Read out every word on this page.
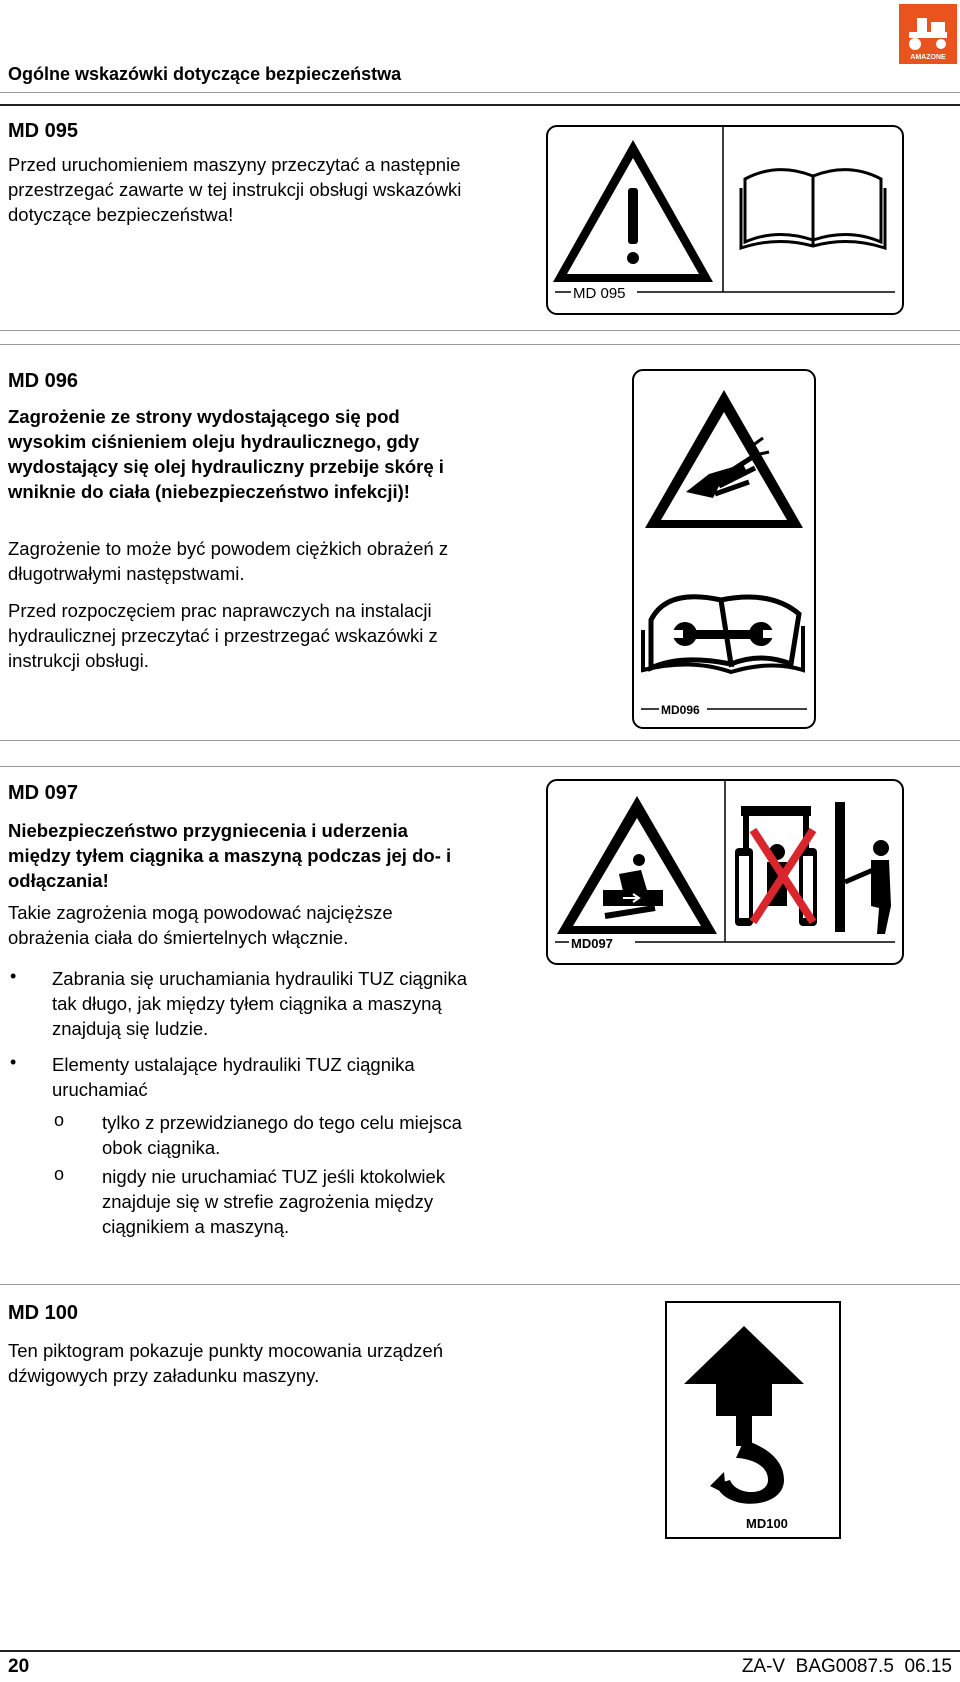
Ogólne wskazówki dotyczące bezpieczeństwa
AMAZONE
MD 095

Przed uruchomieniem maszyny przeczytać a następnie przestrzegać zawarte w tej instrukcji obsługi wskazówki dotyczące bezpieczeństwa!

MD 095
MD 096

Zagrożenie ze strony wydostającego się pod wysokim ciśnieniem oleju hydraulicznego, gdy wydostający się olej hydrauliczny przebije skórę i wniknie do ciała (niebezpieczeństwo infekcji)!

Zagrożenie to może być powodem ciężkich obrażeń z długotrwałymi następstwami.

Przed rozpoczęciem prac naprawczych na instalacji hydraulicznej przeczytać i przestrzegać wskazówki z instrukcji obsługi.

MD096
MD 097

Niebezpieczeństwo przygniecenia i uderzenia między tyłem ciągnika a maszyną podczas jej do- i odłączania!

Takie zagrożenia mogą powodować najcięższe obrażenia ciała do śmiertelnych włącznie.

• Zabrania się uruchamiania hydrauliki TUZ ciągnika tak długo, jak między tyłem ciągnika a maszyną znajdują się ludzie.

• Elementy ustalające hydrauliki TUZ ciągnika uruchamiać

ο tylko z przewidzianego do tego celu miejsca obok ciągnika.

ο nigdy nie uruchamiać TUZ jeśli ktokolwiek znajduje się w strefie zagrożenia między ciągnikiem a maszyną.

MD097
MD 100

Ten piktogram pokazuje punkty mocowania urządzeń dźwigowych przy załadunku maszyny.

MD100
20	ZA-V  BAG0087.5  06.15
